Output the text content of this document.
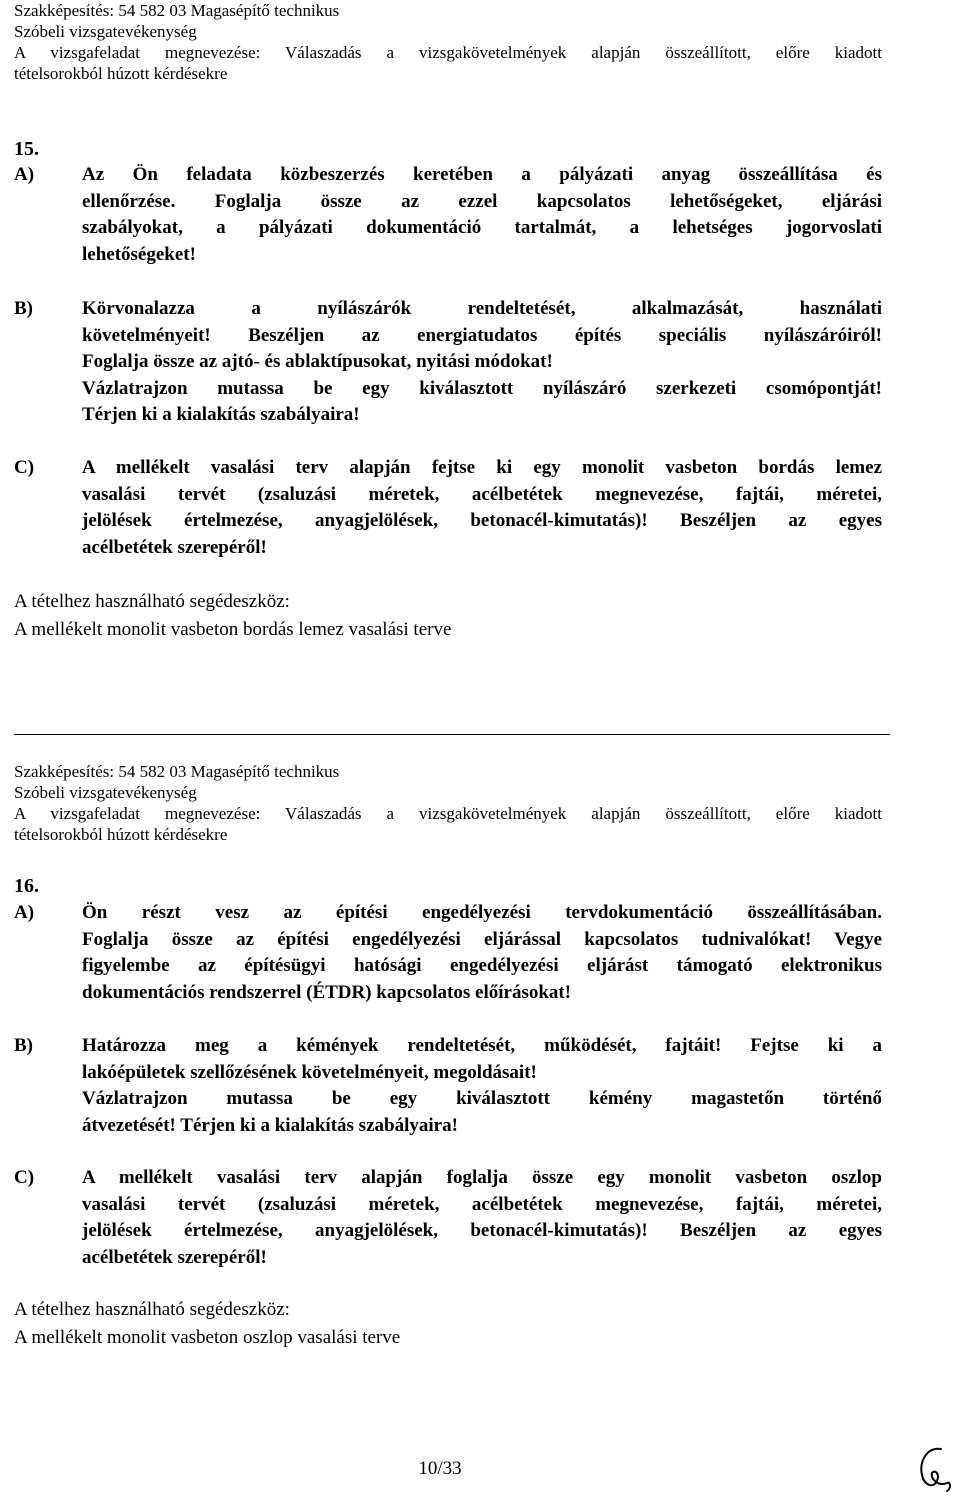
Szakképesítés: 54 582 03 Magasépítő technikus
Szóbeli vizsgatevékenység
A vizsgafeladat megnevezése: Válaszadás a vizsgakövetelmények alapján összeállított, előre kiadott
tételsorokból húzott kérdésekre
15.
A)	Az Ön feladata közbeszerzés keretében a pályázati anyag összeállítása és

ellenőrzése. Foglalja össze az ezzel kapcsolatos lehetőségeket, eljárási

szabályokat, a pályázati dokumentáció tartalmát, a lehetséges jogorvoslati

lehetőségeket!

B)	Körvonalazza a nyílászárók rendeltetését, alkalmazását, használati

követelményeit! Beszéljen az energiatudatos építés speciális nyílászáróiról!

Foglalja össze az ajtó- és ablaktípusokat, nyitási módokat!

Vázlatrajzon mutassa be egy kiválasztott nyílászáró szerkezeti csomópontját!

Térjen ki a kialakítás szabályaira!

C)	A mellékelt vasalási terv alapján fejtse ki egy monolit vasbeton bordás lemez

vasalási tervét (zsaluzási méretek, acélbetétek megnevezése, fajtái, méretei,

jelölések értelmezése, anyagjelölések, betonacél-kimutatás)! Beszéljen az egyes

acélbetétek szerepéről!

A tételhez használható segédeszköz:
A mellékelt monolit vasbeton bordás lemez vasalási terve
Szakképesítés: 54 582 03 Magasépítő technikus
Szóbeli vizsgatevékenység
A vizsgafeladat megnevezése: Válaszadás a vizsgakövetelmények alapján összeállított, előre kiadott
tételsorokból húzott kérdésekre
16.
A)	Ön részt vesz az építési engedélyezési tervdokumentáció összeállításában.

Foglalja össze az építési engedélyezési eljárással kapcsolatos tudnivalókat! Vegye

figyelembe az építésügyi hatósági engedélyezési eljárást támogató elektronikus

dokumentációs rendszerrel (ÉTDR) kapcsolatos előírásokat!

B)	Határozza meg a kémények rendeltetését, működését, fajtáit! Fejtse ki a

lakóépületek szellőzésének követelményeit, megoldásait!

Vázlatrajzon mutassa be egy kiválasztott kémény magastetőn történő

átvezetését! Térjen ki a kialakítás szabályaira!

C)	A mellékelt vasalási terv alapján foglalja össze egy monolit vasbeton oszlop

vasalási tervét (zsaluzási méretek, acélbetétek megnevezése, fajtái, méretei,

jelölések értelmezése, anyagjelölések, betonacél-kimutatás)! Beszéljen az egyes

acélbetétek szerepéről!

A tételhez használható segédeszköz:
A mellékelt monolit vasbeton oszlop vasalási terve
10/33
